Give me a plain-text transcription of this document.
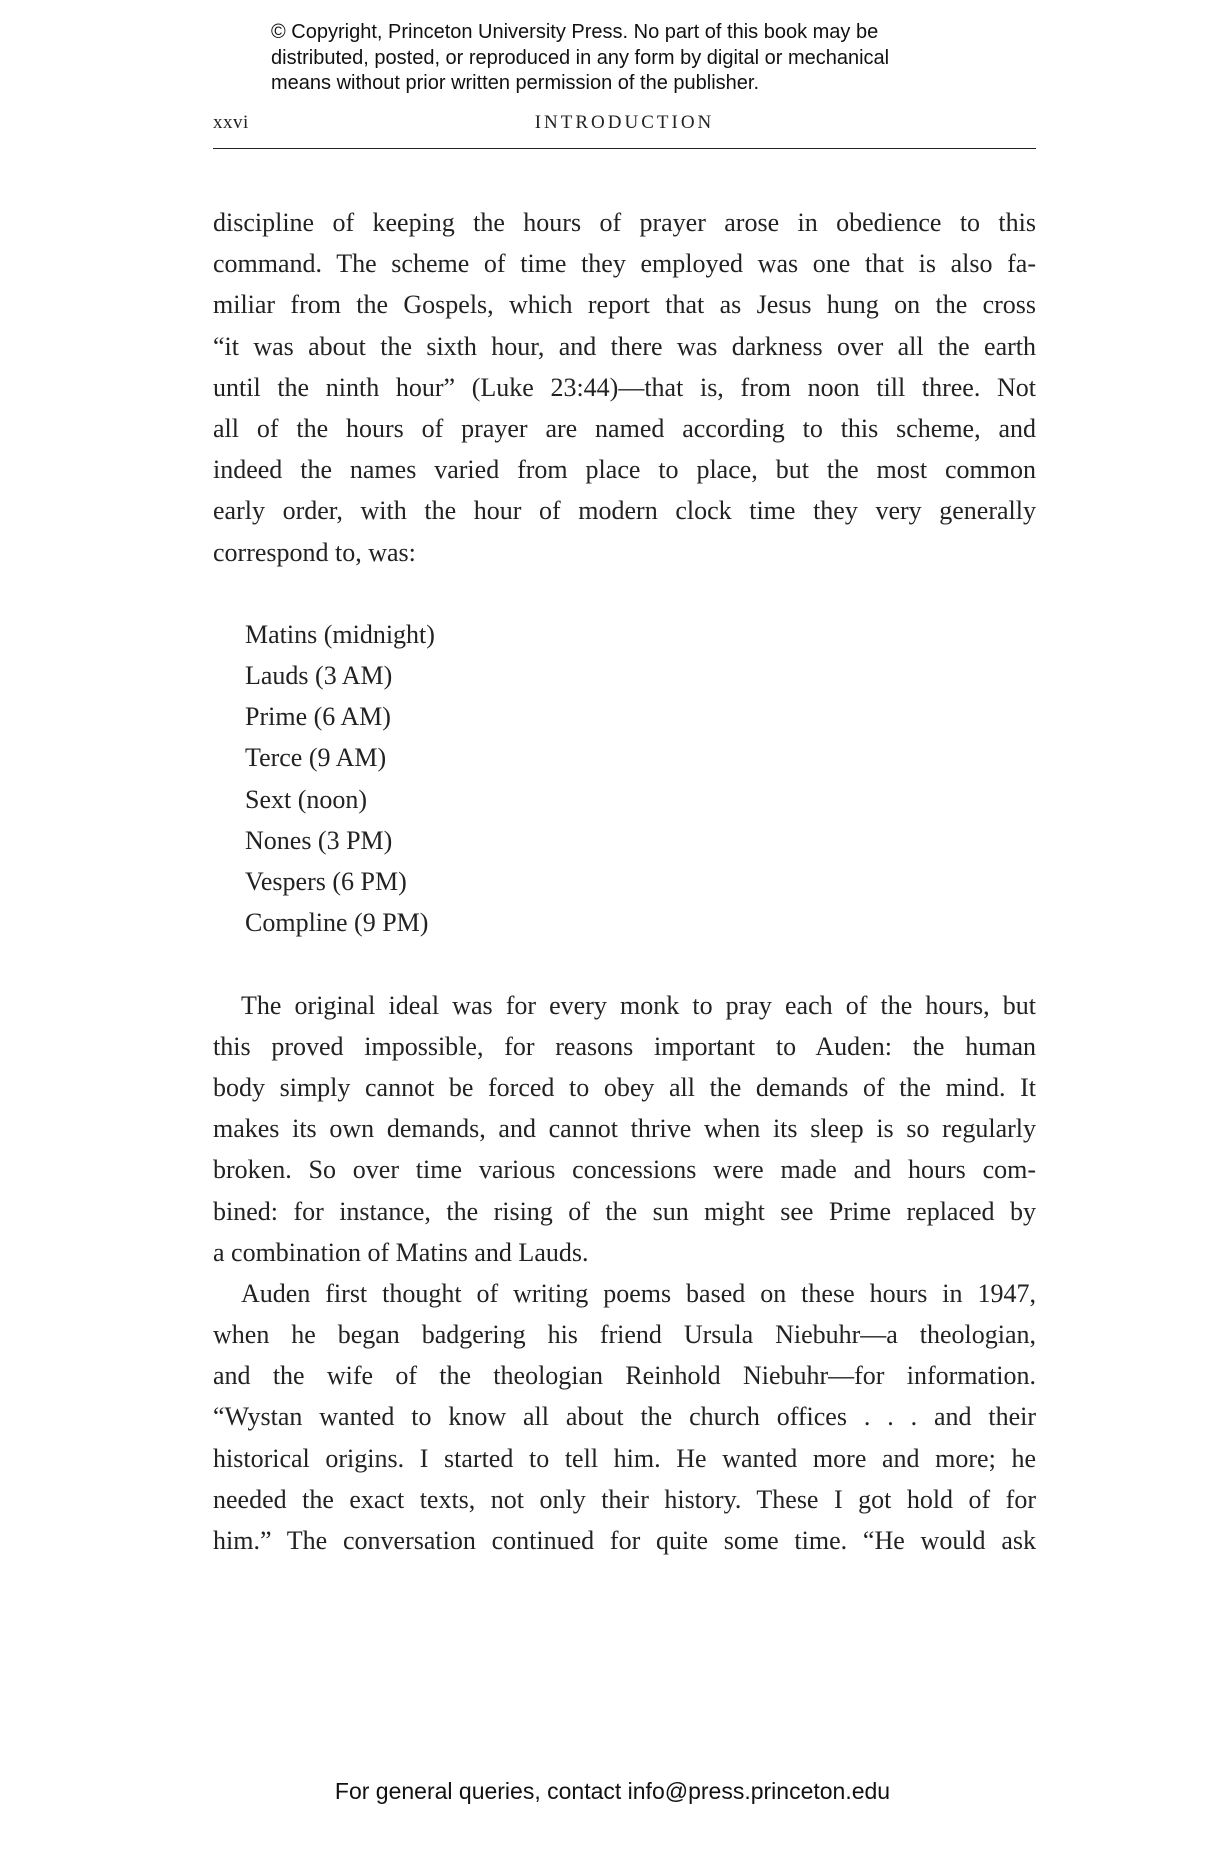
© Copyright, Princeton University Press. No part of this book may be
distributed, posted, or reproduced in any form by digital or mechanical
means without prior written permission of the publisher.
xxvi	INTRODUCTION
discipline of keeping the hours of prayer arose in obedience to this
command. The scheme of time they employed was one that is also fa-
miliar from the Gospels, which report that as Jesus hung on the cross
“it was about the sixth hour, and there was darkness over all the earth
until the ninth hour” (Luke 23:44)—that is, from noon till three. Not
all of the hours of prayer are named according to this scheme, and
indeed the names varied from place to place, but the most common
early order, with the hour of modern clock time they very generally
correspond to, was:
Matins (midnight)
Lauds (3 AM)
Prime (6 AM)
Terce (9 AM)
Sext (noon)
Nones (3 PM)
Vespers (6 PM)
Compline (9 PM)
The original ideal was for every monk to pray each of the hours, but
this proved impossible, for reasons important to Auden: the human
body simply cannot be forced to obey all the demands of the mind. It
makes its own demands, and cannot thrive when its sleep is so regularly
broken. So over time various concessions were made and hours com-
bined: for instance, the rising of the sun might see Prime replaced by
a combination of Matins and Lauds.
Auden first thought of writing poems based on these hours in 1947,
when he began badgering his friend Ursula Niebuhr—a theologian,
and the wife of the theologian Reinhold Niebuhr—for information.
“Wystan wanted to know all about the church offices . . . and their
historical origins. I started to tell him. He wanted more and more; he
needed the exact texts, not only their history. These I got hold of for
him.” The conversation continued for quite some time. “He would ask
For general queries, contact info@press.princeton.edu
